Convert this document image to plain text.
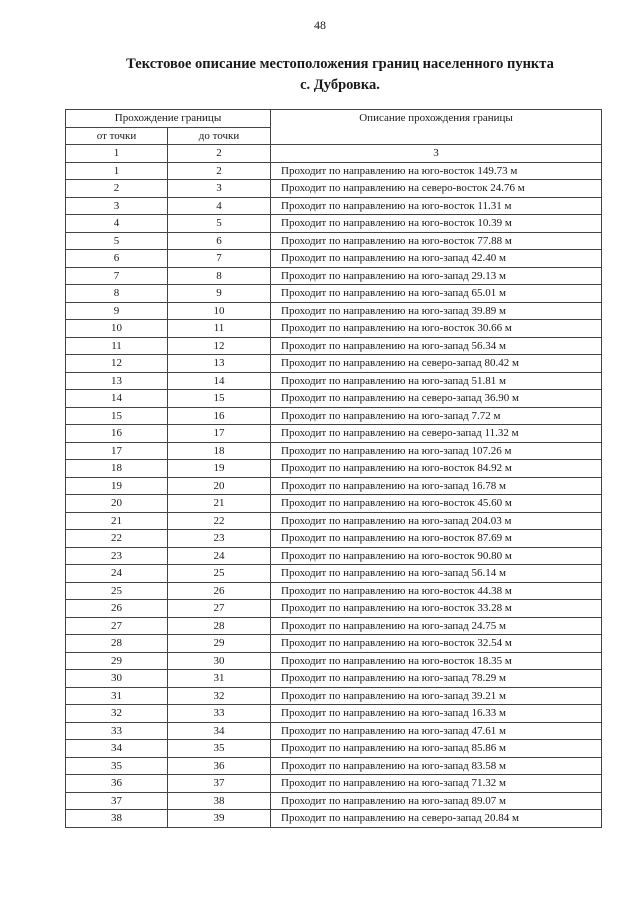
48
Текстовое описание местоположения границ населенного пункта
с. Дубровка.
Прохождение границы		Описание прохождения границы
от точки	до точки	
1	2	3
1	2	Проходит по направлению на юго-восток 149.73 м
2	3	Проходит по направлению на северо-восток 24.76 м
3	4	Проходит по направлению на юго-восток 11.31 м
4	5	Проходит по направлению на юго-восток 10.39 м
5	6	Проходит по направлению на юго-восток 77.88 м
6	7	Проходит по направлению на юго-запад 42.40 м
7	8	Проходит по направлению на юго-запад 29.13 м
8	9	Проходит по направлению на юго-запад 65.01 м
9	10	Проходит по направлению на юго-запад 39.89 м
10	11	Проходит по направлению на юго-восток 30.66 м
11	12	Проходит по направлению на юго-запад 56.34 м
12	13	Проходит по направлению на северо-запад 80.42 м
13	14	Проходит по направлению на юго-запад 51.81 м
14	15	Проходит по направлению на северо-запад 36.90 м
15	16	Проходит по направлению на юго-запад 7.72 м
16	17	Проходит по направлению на северо-запад 11.32 м
17	18	Проходит по направлению на юго-запад 107.26 м
18	19	Проходит по направлению на юго-восток 84.92 м
19	20	Проходит по направлению на юго-запад 16.78 м
20	21	Проходит по направлению на юго-восток 45.60 м
21	22	Проходит по направлению на юго-запад 204.03 м
22	23	Проходит по направлению на юго-восток 87.69 м
23	24	Проходит по направлению на юго-восток 90.80 м
24	25	Проходит по направлению на юго-запад 56.14 м
25	26	Проходит по направлению на юго-восток 44.38 м
26	27	Проходит по направлению на юго-восток 33.28 м
27	28	Проходит по направлению на юго-запад 24.75 м
28	29	Проходит по направлению на юго-восток 32.54 м
29	30	Проходит по направлению на юго-восток 18.35 м
30	31	Проходит по направлению на юго-запад 78.29 м
31	32	Проходит по направлению на юго-запад 39.21 м
32	33	Проходит по направлению на юго-запад 16.33 м
33	34	Проходит по направлению на юго-запад 47.61 м
34	35	Проходит по направлению на юго-запад 85.86 м
35	36	Проходит по направлению на юго-запад 83.58 м
36	37	Проходит по направлению на юго-запад 71.32 м
37	38	Проходит по направлению на юго-запад 89.07 м
38	39	Проходит по направлению на северо-запад 20.84 м
